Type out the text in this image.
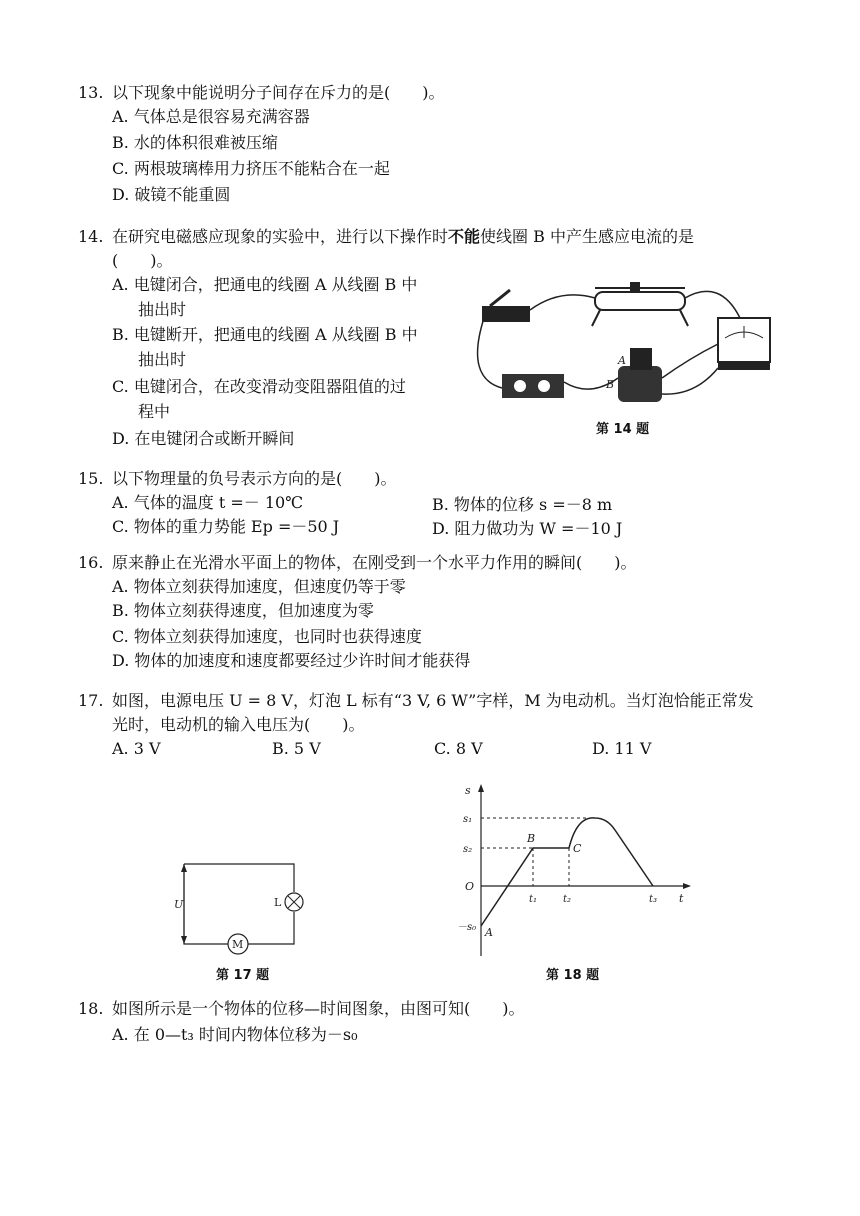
13. 以下现象中能说明分子间存在斥力的是(　　)。
A. 气体总是很容易充满容器
B. 水的体积很难被压缩
C. 两根玻璃棒用力挤压不能粘合在一起
D. 破镜不能重圆
14. 在研究电磁感应现象的实验中，进行以下操作时不能使线圈 B 中产生感应电流的是
(　　)。
A. 电键闭合，把通电的线圈 A 从线圈 B 中
抽出时
B. 电键断开，把通电的线圈 A 从线圈 B 中
抽出时
C. 电键闭合，在改变滑动变阻器阻值的过
程中
D. 在电键闭合或断开瞬间
A
B
第 14 题
15. 以下物理量的负号表示方向的是(　　)。
A. 气体的温度 t =－ 10℃	B. 物体的位移 s =－8 m
C. 物体的重力势能 Ep =－50 J	D. 阻力做功为 W =－10 J
16. 原来静止在光滑水平面上的物体，在刚受到一个水平力作用的瞬间(　　)。
A. 物体立刻获得加速度，但速度仍等于零
B. 物体立刻获得速度，但加速度为零
C. 物体立刻获得加速度，也同时也获得速度
D. 物体的加速度和速度都要经过少许时间才能获得
17. 如图，电源电压 U = 8 V，灯泡 L 标有“3 V, 6 W”字样，M 为电动机。当灯泡恰能正常发
光时，电动机的输入电压为(　　)。
A. 3 V	B. 5 V	C. 8 V	D. 11 V
M
U	L
第 17 题
s
t
O
s₁
s₂
－s₀
t₁	t₂	t₃
A
B
C
第 18 题
18. 如图所示是一个物体的位移—时间图象，由图可知(　　)。
A. 在 0—t₃ 时间内物体位移为－s₀
